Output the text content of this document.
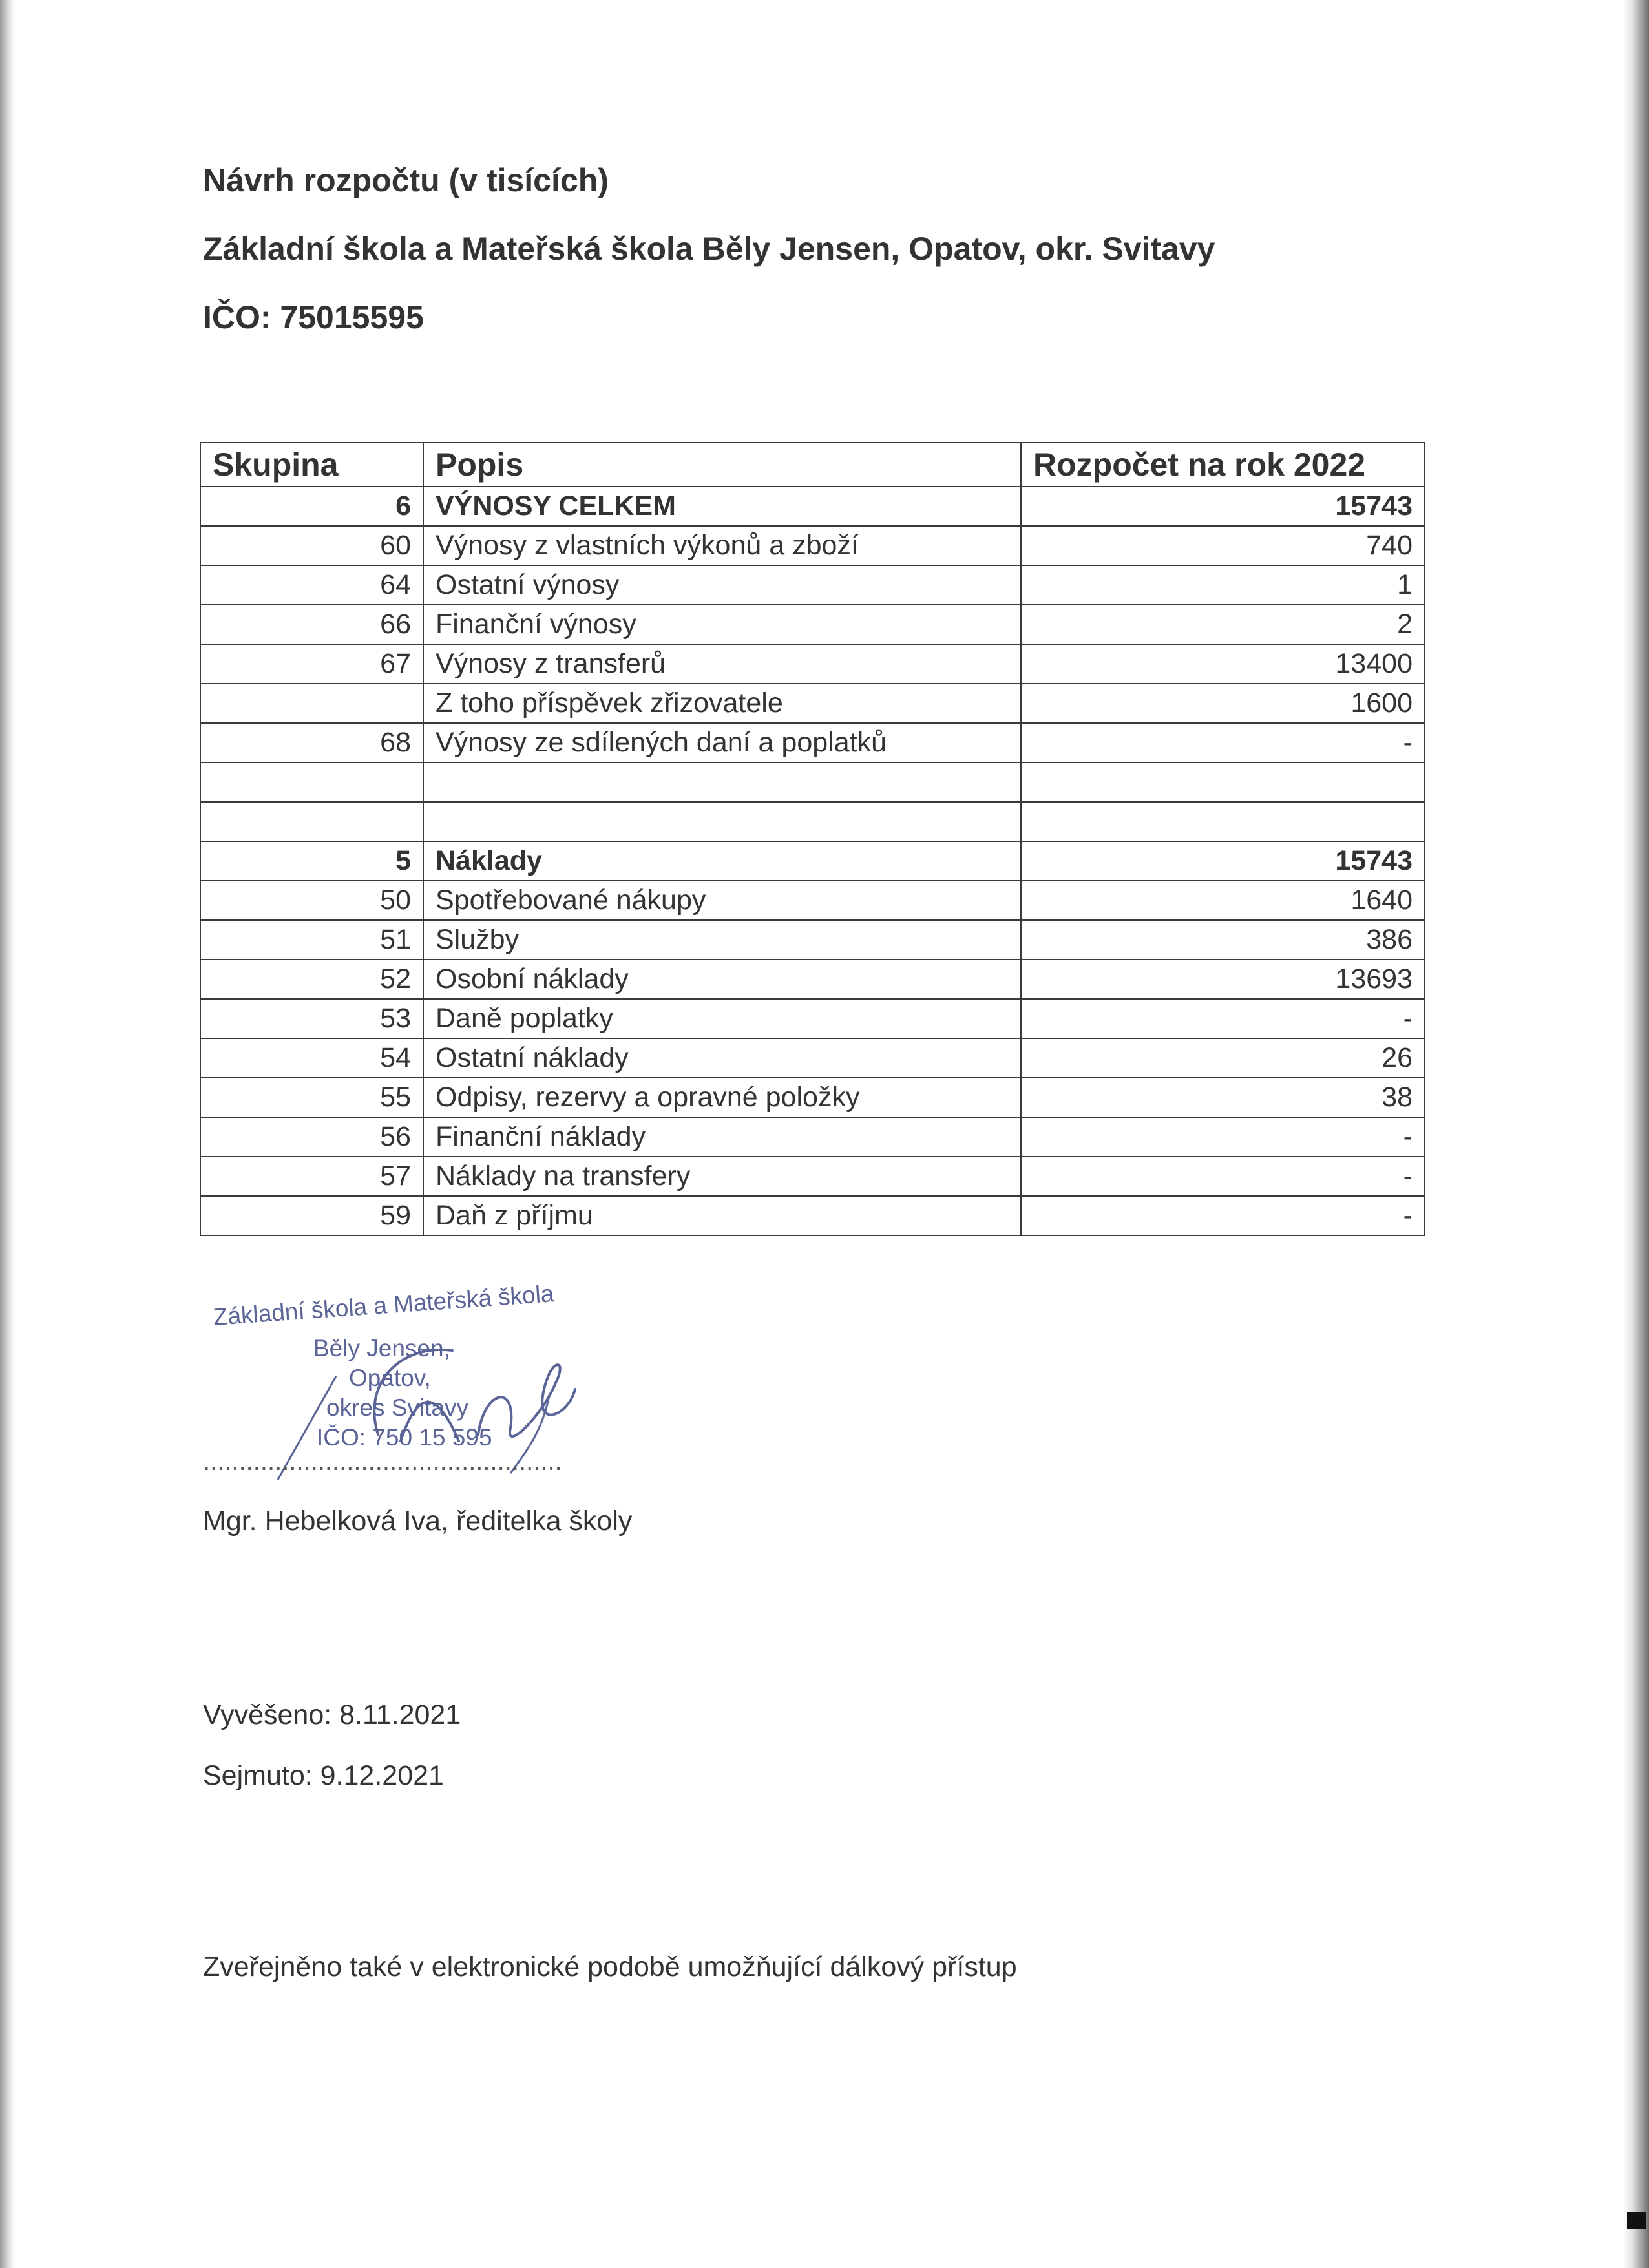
Návrh rozpočtu (v tisících)
Základní škola a Mateřská škola Běly Jensen, Opatov, okr. Svitavy
IČO: 75015595
Skupina	Popis	Rozpočet na rok 2022
6	VÝNOSY CELKEM	15743
60	Výnosy z vlastních výkonů a zboží	740
64	Ostatní výnosy	1
66	Finanční výnosy	2
67	Výnosy z transferů	13400
	Z toho příspěvek zřizovatele	1600
68	Výnosy ze sdílených daní a poplatků	-

5	Náklady	15743
50	Spotřebované nákupy	1640
51	Služby	386
52	Osobní náklady	13693
53	Daně poplatky	-
54	Ostatní náklady	26
55	Odpisy, rezervy a opravné položky	38
56	Finanční náklady	-
57	Náklady na transfery	-
59	Daň z příjmu	-
Základní škola a Mateřská škola
Běly Jensen,
Opatov,
okres Svitavy
IČO: 750 15 595
..................................................
Mgr. Hebelková Iva, ředitelka školy
Vyvěšeno: 8.11.2021
Sejmuto: 9.12.2021
Zveřejněno také v elektronické podobě umožňující dálkový přístup
